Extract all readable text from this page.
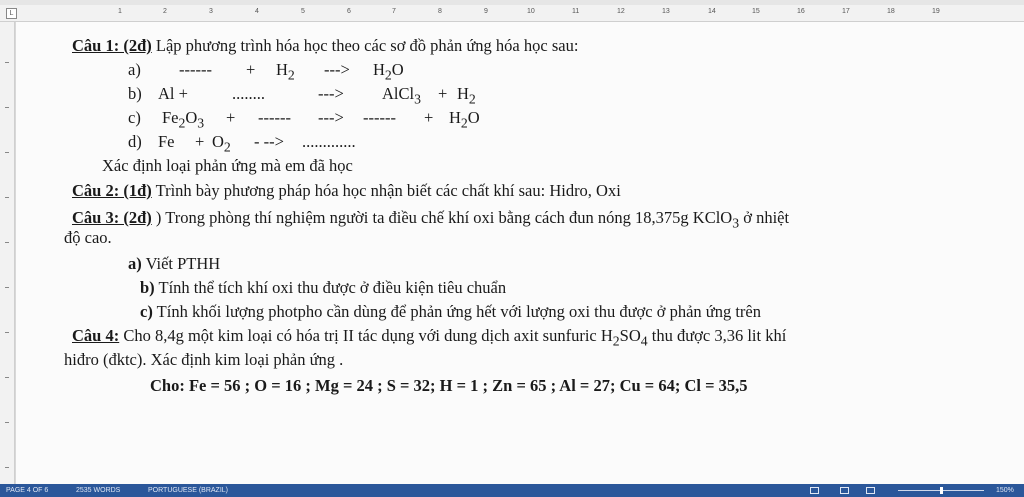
L	1	2	3	4	5	6	7	8	9	10	11	12	13	14	15	16	17	18	19
Câu 1: (2đ) Lập phương trình hóa học theo các sơ đồ phản ứng hóa học sau:
a) ------ + $H_2$ ---> $H_2O$
b) Al +	........	---> AlCl$_3$ + $H_2$
c) $Fe_2O_3$ + ------ ---> ------ + $H_2O$
d) $Fe + O_2$ - --> .............
Xác định loại phản ứng mà em đã học
Câu 2: (1đ) Trình bày phương pháp hóa học nhận biết các chất khí sau: Hidro, Oxi
Câu 3: (2đ) ) Trong phòng thí nghiệm người ta điều chế khí oxi bằng cách đun nóng 18,375g KClO$_3$ ở nhiệt
độ cao.
a) Viết PTHH
b) Tính thể tích khí oxi thu được ở điều kiện tiêu chuẩn
c) Tính khối lượng photpho cần dùng để phản ứng hết với lượng oxi thu được ở phản ứng trên
Câu 4: Cho 8,4g một kim loại có hóa trị II tác dụng với dung dịch axit sunfuric $H_2SO_4$ thu được 3,36 lit khí
hiđro (đktc). Xác định kim loại phản ứng .
Cho: Fe = 56 ; O = 16 ; Mg = 24 ; S = 32; H = 1 ; Zn = 65 ; Al = 27; Cu = 64; Cl = 35,5
PAGE 4 OF 6	2535 WORDS	PORTUGUESE (BRAZIL)	150%
